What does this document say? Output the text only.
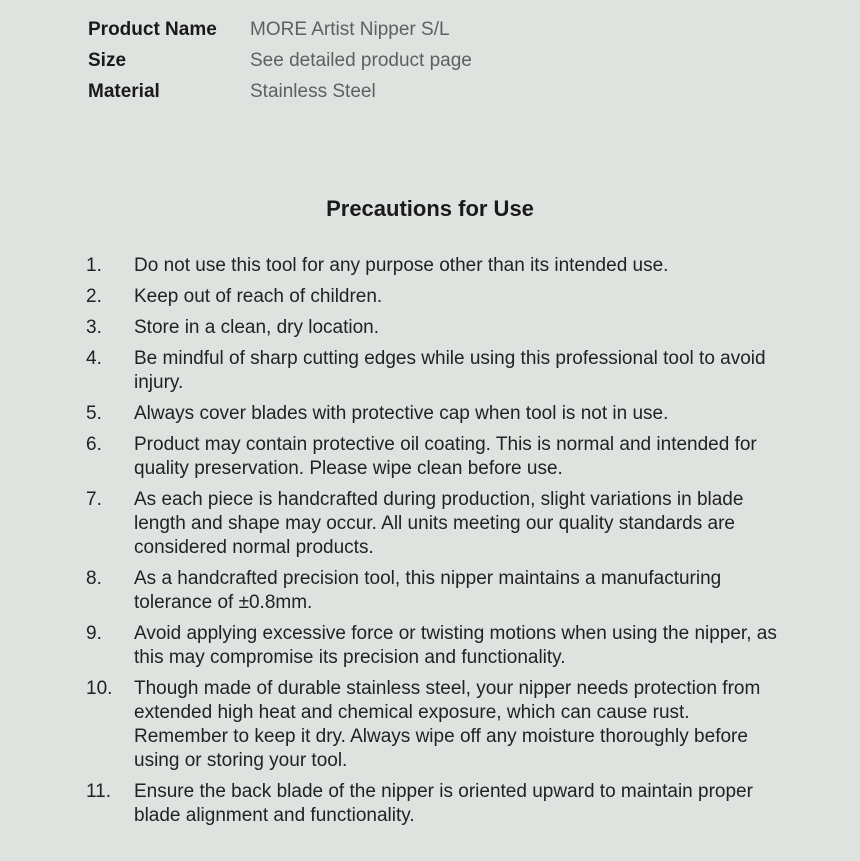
Product Name	MORE Artist Nipper S/L
Size	See detailed product page
Material	Stainless Steel
Precautions for Use
1.	Do not use this tool for any purpose other than its intended use.
2.	Keep out of reach of children.
3.	Store in a clean, dry location.
4.	Be mindful of sharp cutting edges while using this professional tool to avoid injury.
5.	Always cover blades with protective cap when tool is not in use.
6.	Product may contain protective oil coating. This is normal and intended for quality preservation. Please wipe clean before use.
7.	As each piece is handcrafted during production, slight variations in blade length and shape may occur. All units meeting our quality standards are considered normal products.
8.	As a handcrafted precision tool, this nipper maintains a manufacturing tolerance of ±0.8mm.
9.	Avoid applying excessive force or twisting motions when using the nipper, as this may compromise its precision and functionality.
10.	Though made of durable stainless steel, your nipper needs protection from extended high heat and chemical exposure, which can cause rust. Remember to keep it dry. Always wipe off any moisture thoroughly before using or storing your tool.
11.	Ensure the back blade of the nipper is oriented upward to maintain proper blade alignment and functionality.
